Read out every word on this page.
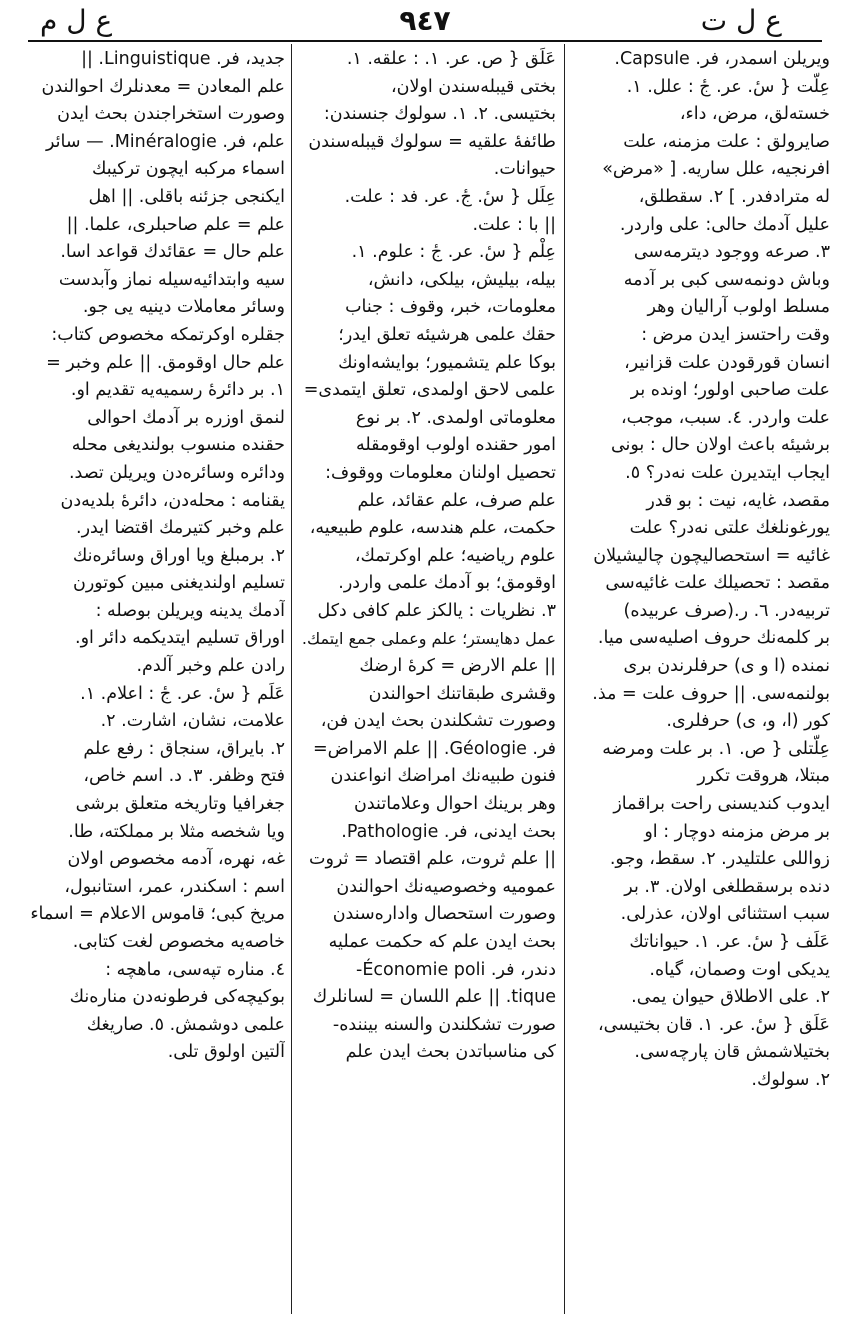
٩٤٧
ع ل م	ع ل ت
ویریلن اسمدر، فر. Capsule.
عِلّت { سٔ. عر. جٔ : علل. ١.
خستەلق، مرض، داء،
صایرولق : علت مزمنه، علت
افرنجیه، علل ساریه. [ «مرض»
له مترادفدر. ] ٢. سقطلق،
علیل آدمك حالی: علی واردر.
٣. صرعه ووجود دیترمەسی
وباش دونمەسی کبی بر آدمه
مسلط اولوب آرالیان وهر
وقت راحتسز ایدن مرض :
انسان قورقودن علت قزانیر،
علت صاحبی اولور؛ اونده بر
علت واردر. ٤. سبب، موجب،
برشیئه باعث اولان حال : بونی
ایجاب ایتدیرن علت نەدر؟ ٥.
مقصد، غایه، نیت : بو قدر
یورغونلغك علتی نەدر؟ علت
غائیه = استحصالیچون چالیشیلان
مقصد : تحصیلك علت غائیەسی
تربیەدر. ٦. ر.(صرف عربیده)
بر کلمەنك حروف اصلیەسی میا.
نمنده (ا و ی) حرفلرندن بری
بولنمەسی. || حروف علت = مذ.
کور (ا، و، ی) حرفلری.
عِلّتلی { ص. ١. بر علت ومرضه
مبتلا، هروقت تکرر
ایدوب کندیسنی راحت براقماز
بر مرض مزمنه دوچار : او
زواللی علتلیدر. ٢. سقط، وجو.
دنده برسقطلغی اولان. ٣. بر
سبب استثنائی اولان، عذرلی.
عَلَف { سٔ. عر. ١. حیواناتك
یدیکی اوت وصمان، گیاه.
٢. علی الاطلاق حیوان یمی.
عَلَق { سٔ. عر. ١. قان بختیسی،
بختیلاشمش قان پارچەسی.
٢. سولوك.
عَلَق { ص. عر. ١. : علقه. ١.
بختی قیبلەسندن اولان،
بختیسی. ٢. ١. سولوك جنسندن:
طائفهٔ علقیه = سولوك قیبلەسندن
حیوانات.
عِلَل { سٔ. جٔ. عر. فد : علت.
|| با : علت.
عِلْم { سٔ. عر. جٔ : علوم. ١.
بیله، بیلیش، بیلکی، دانش،
معلومات، خبر، وقوف : جناب
حقك علمی هرشیئه تعلق ایدر؛
بوکا علم یتشمیور؛ بوایشەاونك
علمی لاحق اولمدی، تعلق ایتمدی=
معلوماتی اولمدی. ٢. بر نوع
امور حقنده اولوب اوقومقله
تحصیل اولنان معلومات ووقوف:
علم صرف، علم عقائد، علم
حکمت، علم هندسه، علوم طبیعیه،
علوم ریاضیه؛ علم اوکرتمك،
اوقومق؛ بو آدمك علمی واردر.
٣. نظریات : یالکز علم کافی دکل
عمل دهایستر؛ علم وعملی جمع ایتمك.
|| علم الارض = کرهٔ ارضك
وقشری طبقاتنك احوالندن
وصورت تشکلندن بحث ایدن فن،
فر. Géologie. || علم الامراض=
فنون طبیەنك امراضك انواعندن
وهر برینك احوال وعلاماتندن
بحث ایدنی، فر. Pathologie.
|| علم ثروت، علم اقتصاد = ثروت
عمومیه وخصوصیەنك احوالندن
وصورت استحصال وادارەسندن
بحث ایدن علم که حکمت عملیه
دندر، فر. Économie poli-
tique. || علم اللسان = لسانلرك
صورت تشکلندن والسنه بیننده-
کی مناسباتدن بحث ایدن علم
جدید، فر. Linguistique. ||
علم المعادن = معدنلرك احوالندن
وصورت استخراجندن بحث ایدن
علم، فر. Minéralogie. — سائر
اسماء مرکبه ایچون ترکیبك
ایکنجی جزئنه باقلی. || اهل
علم = علم صاحبلری، علما. ||
علم حال = عقائدك قواعد اسا.
سیه وابتدائیەسیله نماز وآبدست
وسائر معاملات دینیه یی جو.
جقلره اوکرتمکه مخصوص کتاب:
علم حال اوقومق. || علم وخبر =
١. بر دائرهٔ رسمیەیه تقدیم او.
لنمق اوزره بر آدمك احوالی
حقنده منسوب بولندیغی محله
ودائره وسائرەدن ویریلن تصد.
یقنامه : محلەدن، دائرهٔ بلدیەدن
علم وخبر کتیرمك اقتضا ایدر.
٢. برمبلغ ویا اوراق وسائرەنك
تسلیم اولندیغنی مبین کوتورن
آدمك یدینه ویریلن بوصله :
اوراق تسلیم ایتدیکمه دائر او.
رادن علم وخبر آلدم.
عَلَم { سٔ. عر. جٔ : اعلام. ١.
علامت، نشان، اشارت. ٢.
٢. بایراق، سنجاق : رفع علم
فتح وظفر. ٣. د. اسم خاص،
جغرافیا وتاریخه متعلق برشی
ویا شخصه مثلا بر مملکته، طا.
غه، نهره، آدمه مخصوص اولان
اسم : اسکندر، عمر، استانبول،
مریخ کبی؛ قاموس الاعلام = اسماء
خاصەیه مخصوص لغت کتابی.
٤. مناره تپەسی، ماهچه :
بوکیچەکی فرطونەدن منارەنك
علمی دوشمش. ٥. صاریغك
آلتین اولوق تلی.
